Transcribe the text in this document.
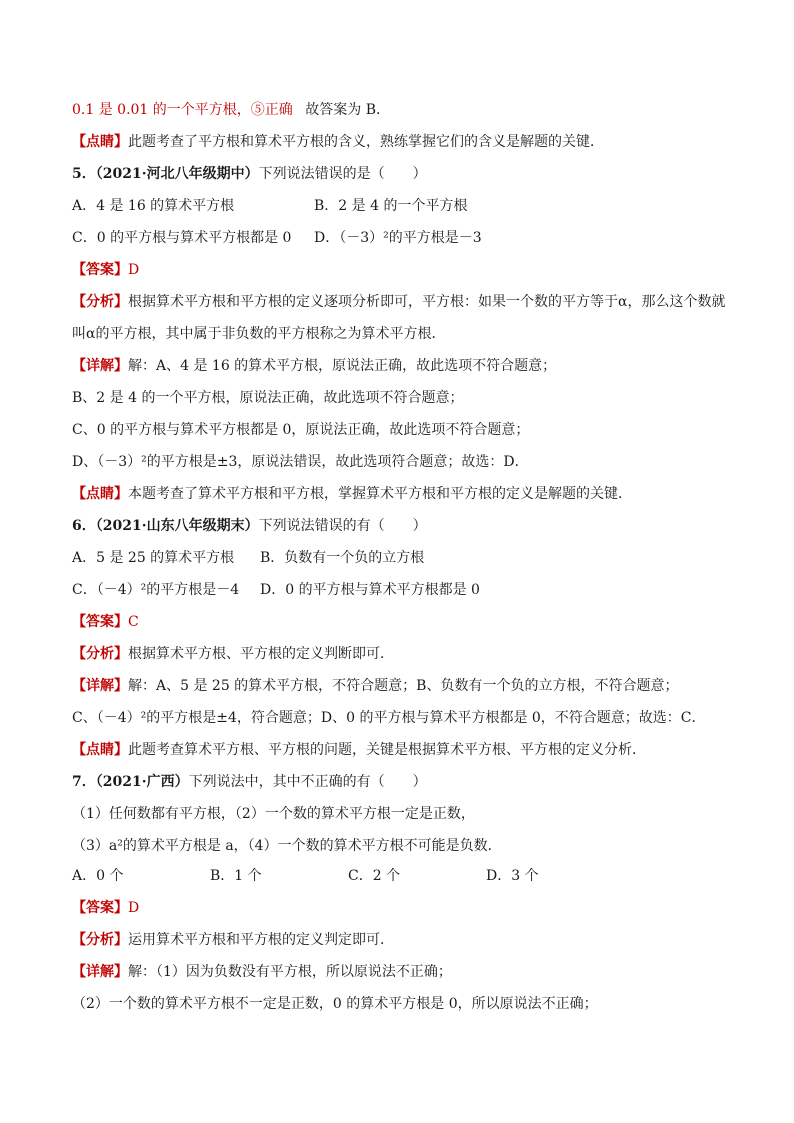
0.1 是 0.01 的一个平方根，⑤正确 故答案为 B．
【点睛】此题考查了平方根和算术平方根的含义，熟练掌握它们的含义是解题的关键．
5．（2021·河北八年级期中）下列说法错误的是（　　）
A．4 是 16 的算术平方根	B．2 是 4 的一个平方根
C．0 的平方根与算术平方根都是 0 D．（－3）²的平方根是－3
【答案】D
【分析】根据算术平方根和平方根的定义逐项分析即可，平方根：如果一个数的平方等于α，那么这个数就
叫α的平方根，其中属于非负数的平方根称之为算术平方根．
【详解】解：A、4 是 16 的算术平方根，原说法正确，故此选项不符合题意；
B、2 是 4 的一个平方根，原说法正确，故此选项不符合题意；
C、0 的平方根与算术平方根都是 0，原说法正确，故此选项不符合题意；
D、（－3）²的平方根是±3，原说法错误，故此选项符合题意；故选：D．
【点睛】本题考查了算术平方根和平方根，掌握算术平方根和平方根的定义是解题的关键．
6．（2021·山东八年级期末）下列说法错误的有（　　）
A．5 是 25 的算术平方根 B．负数有一个负的立方根
C．（－4）²的平方根是－4 D．0 的平方根与算术平方根都是 0
【答案】C
【分析】根据算术平方根、平方根的定义判断即可．
【详解】解：A、5 是 25 的算术平方根，不符合题意；B、负数有一个负的立方根，不符合题意；
C、（－4）²的平方根是±4，符合题意；D、0 的平方根与算术平方根都是 0，不符合题意；故选：C．
【点睛】此题考查算术平方根、平方根的问题，关键是根据算术平方根、平方根的定义分析．
7．（2021·广西）下列说法中，其中不正确的有（　　）
（1）任何数都有平方根，（2）一个数的算术平方根一定是正数，
（3）a²的算术平方根是 a，（4）一个数的算术平方根不可能是负数．
A．0 个	B．1 个	C．2 个	D．3 个
【答案】D
【分析】运用算术平方根和平方根的定义判定即可．
【详解】解：（1）因为负数没有平方根，所以原说法不正确；
（2）一个数的算术平方根不一定是正数，0 的算术平方根是 0，所以原说法不正确；
